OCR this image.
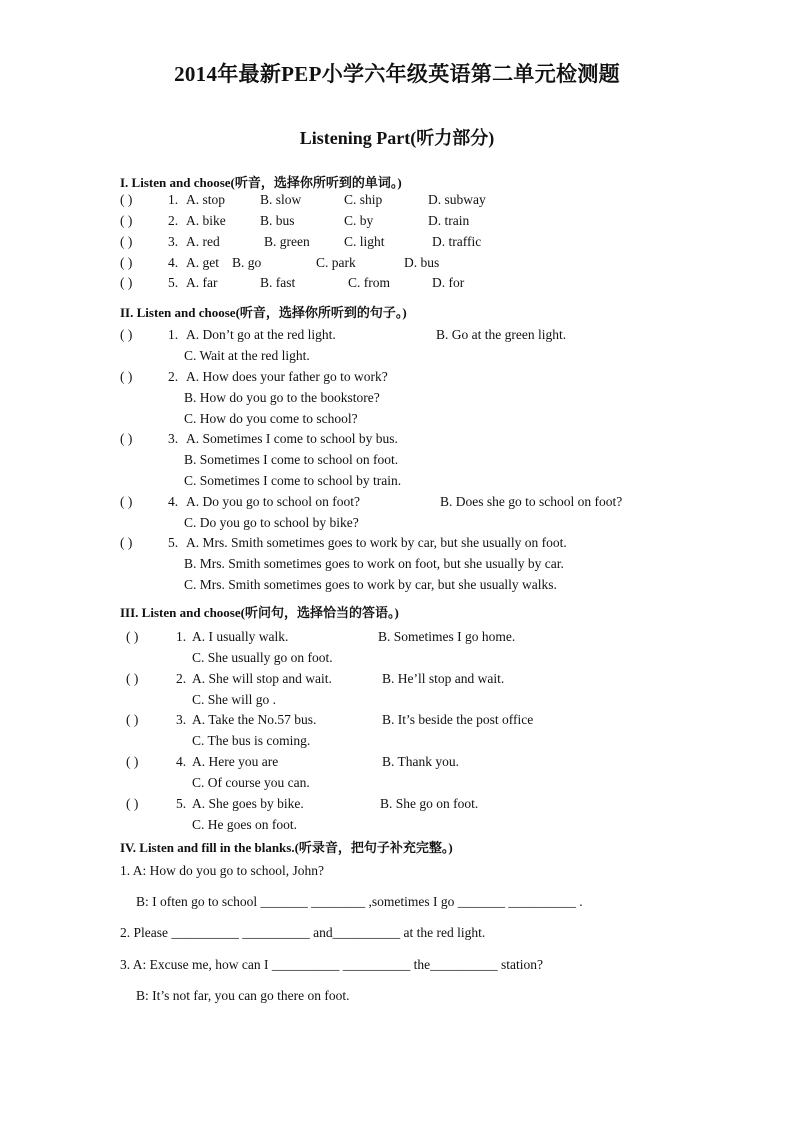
2014年最新PEP小学六年级英语第二单元检测题
Listening Part(听力部分)
I. Listen and choose(听音，选择你所听到的单词。)
( )	1. A. stop	B. slow	C. ship	D. subway
( )	2. A. bike	B. bus	C. by	D. train
( )	3. A. red	B. green	C. light	D. traffic
( )	4. A. get B. go	C. park	D. bus
( )	5. A. far	B. fast	C. from	D. for
II. Listen and choose(听音，选择你所听到的句子。)
( )	1. A. Don’t go at the red light.	B. Go at the green light.
C. Wait at the red light.
( )	2. A. How does your father go to work?
B. How do you go to the bookstore?
C. How do you come to school?
( )	3. A. Sometimes I come to school by bus.
B. Sometimes I come to school on foot.
C. Sometimes I come to school by train.
( )	4. A. Do you go to school on foot?	B. Does she go to school on foot?
C. Do you go to school by bike?
( )	5. A. Mrs. Smith sometimes goes to work by car, but she usually on foot.
B. Mrs. Smith sometimes goes to work on foot, but she usually by car.
C. Mrs. Smith sometimes goes to work by car, but she usually walks.
III. Listen and choose(听问句，选择恰当的答语。)
( )	1. A. I usually walk.	B. Sometimes I go home.
C. She usually go on foot.
( )	2. A. She will stop and wait.	B. He’ll stop and wait.
C. She will go .
( )	3. A. Take the No.57 bus.	B. It’s beside the post office
C. The bus is coming.
( )	4. A. Here you are	B. Thank you.
C. Of course you can.
( )	5. A. She goes by bike.	B. She go on foot.
C. He goes on foot.
IV. Listen and fill in the blanks.(听录音，把句子补充完整。)
1. A: How do you go to school, John?
B: I often go to school _______ ________ ,sometimes I go _______ __________ .
2. Please __________ __________ and__________ at the red light.
3. A: Excuse me, how can I __________ __________ the__________ station?
B: It’s not far, you can go there on foot.
